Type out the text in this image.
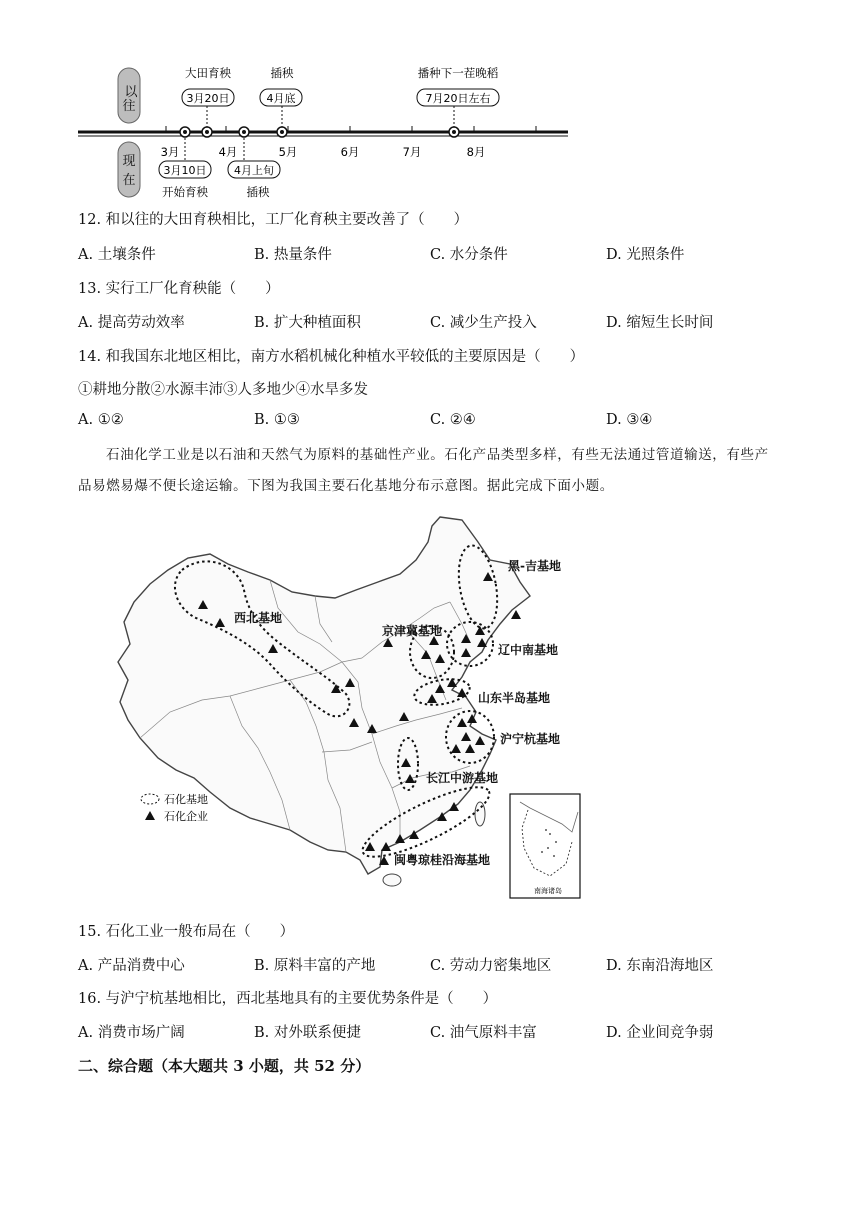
以
往
现
在
大田育秧
3月20日
插秧
4月底
播种下一茬晚稻
7月20日左右
3月	4月	5月	6月	7月	8月
3月10日
开始育秧
4月上旬
插秧
12. 和以往的大田育秧相比，工厂化育秧主要改善了（　　）
A. 土壤条件	B. 热量条件	C. 水分条件	D. 光照条件
13. 实行工厂化育秧能（　　）
A. 提高劳动效率	B. 扩大种植面积	C. 减少生产投入	D. 缩短生长时间
14. 和我国东北地区相比，南方水稻机械化种植水平较低的主要原因是（　　）
①耕地分散②水源丰沛③人多地少④水旱多发
A. ①②	B. ①③	C. ②④	D. ③④
石油化学工业是以石油和天然气为原料的基础性产业。石化产品类型多样，有些无法通过管道输送，有些产品易燃易爆不便长途运输。下图为我国主要石化基地分布示意图。据此完成下面小题。
黑-吉基地
西北基地
京津冀基地
辽中南基地
山东半岛基地
沪宁杭基地
长江中游基地
闽粤琼桂沿海基地
石化基地
石化企业
南海诸岛
15. 石化工业一般布局在（　　）
A. 产品消费中心	B. 原料丰富的产地	C. 劳动力密集地区	D. 东南沿海地区
16. 与沪宁杭基地相比，西北基地具有的主要优势条件是（　　）
A. 消费市场广阔	B. 对外联系便捷	C. 油气原料丰富	D. 企业间竞争弱
二、综合题（本大题共 3 小题，共 52 分）
